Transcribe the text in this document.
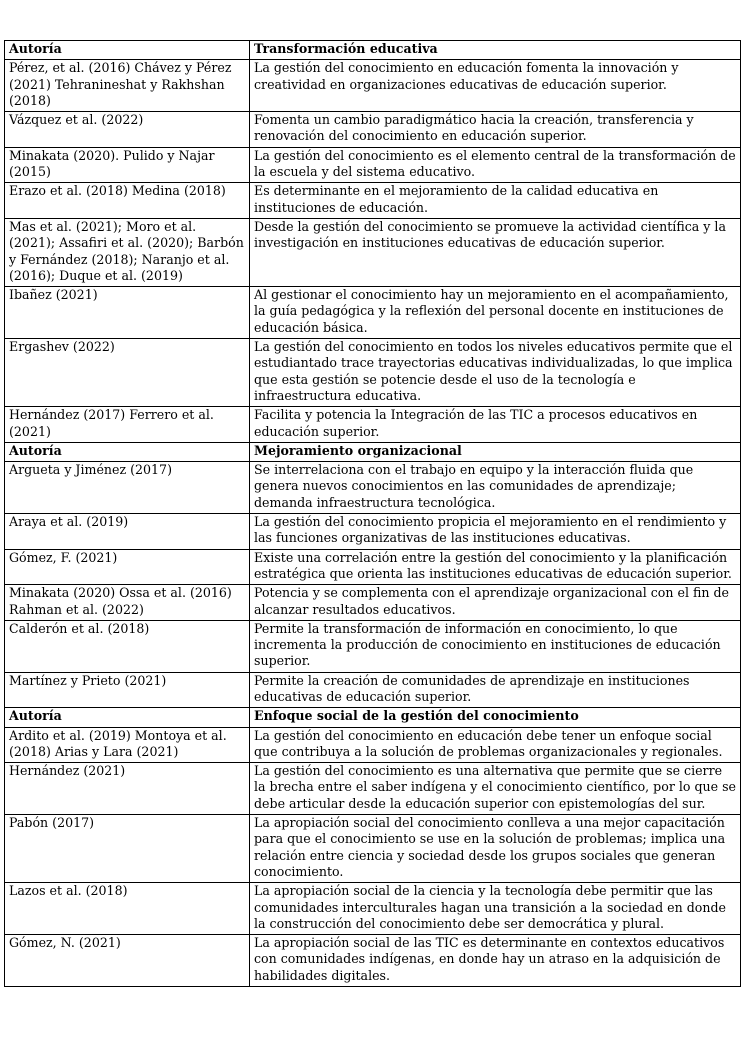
Autoría	Transformación educativa
Pérez, et al. (2016) Chávez y Pérez (2021) Tehranineshat y Rakhshan (2018)	La gestión del conocimiento en educación fomenta la innovación y creatividad en organizaciones educativas de educación superior.
Vázquez et al. (2022)	Fomenta un cambio paradigmático hacia la creación, transferencia y renovación del conocimiento en educación superior.
Minakata (2020). Pulido y Najar (2015)	La gestión del conocimiento es el elemento central de la transformación de la escuela y del sistema educativo.
Erazo et al. (2018) Medina (2018)	Es determinante en el mejoramiento de la calidad educativa en instituciones de educación.
Mas et al. (2021); Moro et al. (2021); Assafiri et al. (2020); Barbón y Fernández (2018); Naranjo et al. (2016); Duque et al. (2019)	Desde la gestión del conocimiento se promueve la actividad científica y la investigación en instituciones educativas de educación superior.
Ibañez (2021)	Al gestionar el conocimiento hay un mejoramiento en el acompañamiento, la guía pedagógica y la reflexión del personal docente en instituciones de educación básica.
Ergashev (2022)	La gestión del conocimiento en todos los niveles educativos permite que el estudiantado trace trayectorias educativas individualizadas, lo que implica que esta gestión se potencie desde el uso de la tecnología e infraestructura educativa.
Hernández (2017) Ferrero et al. (2021)	Facilita y potencia la Integración de las TIC a procesos educativos en educación superior.
Autoría	Mejoramiento organizacional
Argueta y Jiménez (2017)	Se interrelaciona con el trabajo en equipo y la interacción fluida que genera nuevos conocimientos en las comunidades de aprendizaje; demanda infraestructura tecnológica.
Araya et al. (2019)	La gestión del conocimiento propicia el mejoramiento en el rendimiento y las funciones organizativas de las instituciones educativas.
Gómez, F. (2021)	Existe una correlación entre la gestión del conocimiento y la planificación estratégica que orienta las instituciones educativas de educación superior.
Minakata (2020) Ossa et al. (2016) Rahman et al. (2022)	Potencia y se complementa con el aprendizaje organizacional con el fin de alcanzar resultados educativos.
Calderón et al. (2018)	Permite la transformación de información en conocimiento, lo que incrementa la producción de conocimiento en instituciones de educación superior.
Martínez y Prieto (2021)	Permite la creación de comunidades de aprendizaje en instituciones educativas de educación superior.
Autoría	Enfoque social de la gestión del conocimiento
Ardito et al. (2019) Montoya et al. (2018) Arias y Lara (2021)	La gestión del conocimiento en educación debe tener un enfoque social que contribuya a la solución de problemas organizacionales y regionales.
Hernández (2021)	La gestión del conocimiento es una alternativa que permite que se cierre la brecha entre el saber indígena y el conocimiento científico, por lo que se debe articular desde la educación superior con epistemologías del sur.
Pabón (2017)	La apropiación social del conocimiento conlleva a una mejor capacitación para que el conocimiento se use en la solución de problemas; implica una relación entre ciencia y sociedad desde los grupos sociales que generan conocimiento.
Lazos et al. (2018)	La apropiación social de la ciencia y la tecnología debe permitir que las comunidades interculturales hagan una transición a la sociedad en donde la construcción del conocimiento debe ser democrática y plural.
Gómez, N. (2021)	La apropiación social de las TIC es determinante en contextos educativos con comunidades indígenas, en donde hay un atraso en la adquisición de habilidades digitales.
